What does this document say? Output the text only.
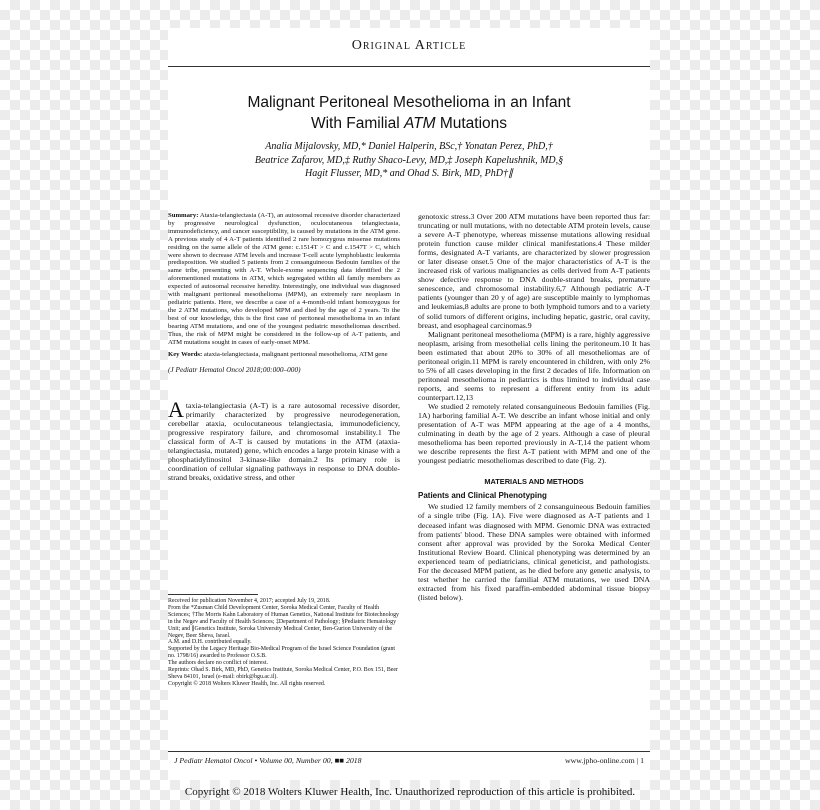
Original Article
Malignant Peritoneal Mesothelioma in an Infant
With Familial ATM Mutations
Analia Mijalovsky, MD,* Daniel Halperin, BSc,† Yonatan Perez, PhD,†
Beatrice Zafarov, MD,‡ Ruthy Shaco-Levy, MD,‡ Joseph Kapelushnik, MD,§
Hagit Flusser, MD,* and Ohad S. Birk, MD, PhD†∥

Summary: Ataxia-telangiectasia (A-T), an autosomal recessive disorder characterized by progressive neurological dysfunction, oculocutaneous telangiectasia, immunodeficiency, and cancer susceptibility, is caused by mutations in the ATM gene. A previous study of 4 A-T patients identified 2 rare homozygous missense mutations residing on the same allele of the ATM gene: c.1514T > C and c.1547T > C, which were shown to decrease ATM levels and increase T-cell acute lymphoblastic leukemia predisposition. We studied 5 patients from 2 consanguineous Bedouin families of the same tribe, presenting with A-T. Whole-exome sequencing data identified the 2 aforementioned mutations in ATM, which segregated within all family members as expected of autosomal recessive heredity. Interestingly, one individual was diagnosed with malignant peritoneal mesothelioma (MPM), an extremely rare neoplasm in pediatric patients. Here, we describe a case of a 4-month-old infant homozygous for the 2 ATM mutations, who developed MPM and died by the age of 2 years. To the best of our knowledge, this is the first case of peritoneal mesothelioma in an infant bearing ATM mutations, and one of the youngest pediatric mesotheliomas described. Thus, the risk of MPM might be considered in the follow-up of A-T patients, and ATM mutations sought in cases of early-onset MPM.

Key Words: ataxia-telangiectasia, malignant peritoneal mesothelioma, ATM gene

(J Pediatr Hematol Oncol 2018;00:000–000)

Ataxia-telangiectasia (A-T) is a rare autosomal recessive disorder, primarily characterized by progressive neurodegeneration, cerebellar ataxia, oculocutaneous telangiectasia, immunodeficiency, progressive respiratory failure, and chromosomal instability.1 The classical form of A-T is caused by mutations in the ATM (ataxia-telangiectasia, mutated) gene, which encodes a large protein kinase with a phosphatidylinositol 3-kinase-like domain.2 Its primary role is coordination of cellular signaling pathways in response to DNA double-strand breaks, oxidative stress, and other

Received for publication November 4, 2017; accepted July 19, 2018.

From the *Zusman Child Development Center, Soroka Medical Center, Faculty of Health Sciences; †The Morris Kahn Laboratory of Human Genetics, National Institute for Biotechnology in the Negev and Faculty of Health Sciences; ‡Department of Pathology; §Pediatric Hematology Unit; and ∥Genetics Institute, Soroka University Medical Center, Ben-Gurion University of the Negev, Beer Sheva, Israel.

A.M. and D.H. contributed equally.

Supported by the Legacy Heritage Bio-Medical Program of the Israel Science Foundation (grant no. 1798/16) awarded to Professor O.S.B.

The authors declare no conflict of interest.

Reprints: Ohad S. Birk, MD, PhD, Genetics Institute, Soroka Medical Center, P.O. Box 151, Beer Sheva 84101, Israel (e-mail: obirk@bgu.ac.il).

Copyright © 2018 Wolters Kluwer Health, Inc. All rights reserved.

genotoxic stress.3 Over 200 ATM mutations have been reported thus far: truncating or null mutations, with no detectable ATM protein levels, cause a severe A-T phenotype, whereas missense mutations allowing residual protein function cause milder clinical manifestations.4 These milder forms, designated A-T variants, are characterized by slower progression or later disease onset.5 One of the major characteristics of A-T is the increased risk of various malignancies as cells derived from A-T patients show defective response to DNA double-strand breaks, premature senescence, and chromosomal instability.6,7 Although pediatric A-T patients (younger than 20 y of age) are susceptible mainly to lymphomas and leukemias,8 adults are prone to both lymphoid tumors and to a variety of solid tumors of different origins, including hepatic, gastric, oral cavity, breast, and esophageal carcinomas.9

Malignant peritoneal mesothelioma (MPM) is a rare, highly aggressive neoplasm, arising from mesothelial cells lining the peritoneum.10 It has been estimated that about 20% to 30% of all mesotheliomas are of peritoneal origin.11 MPM is rarely encountered in children, with only 2% to 5% of all cases developing in the first 2 decades of life. Information on peritoneal mesothelioma in pediatrics is thus limited to individual case reports, and seems to represent a different entity from its adult counterpart.12,13

We studied 2 remotely related consanguineous Bedouin families (Fig. 1A) harboring familial A-T. We describe an infant whose initial and only presentation of A-T was MPM appearing at the age of a 4 months, culminating in death by the age of 2 years. Although a case of pleural mesothelioma has been reported previously in A-T,14 the patient whom we describe represents the first A-T patient with MPM and one of the youngest pediatric mesotheliomas described to date (Fig. 2).

MATERIALS AND METHODS

Patients and Clinical Phenotyping

We studied 12 family members of 2 consanguineous Bedouin families of a single tribe (Fig. 1A). Five were diagnosed as A-T patients and 1 deceased infant was diagnosed with MPM. Genomic DNA was extracted from patients' blood. These DNA samples were obtained with informed consent after approval was provided by the Soroka Medical Center Institutional Review Board. Clinical phenotyping was determined by an experienced team of pediatricians, clinical geneticist, and pathologists. For the deceased MPM patient, as he died before any genetic analysis, to test whether he carried the familial ATM mutations, we used DNA extracted from his fixed paraffin-embedded abdominal tissue biopsy (listed below).

J Pediatr Hematol Oncol • Volume 00, Number 00, ■■ 2018	www.jpho-online.com | 1
Copyright © 2018 Wolters Kluwer Health, Inc. Unauthorized reproduction of this article is prohibited.
